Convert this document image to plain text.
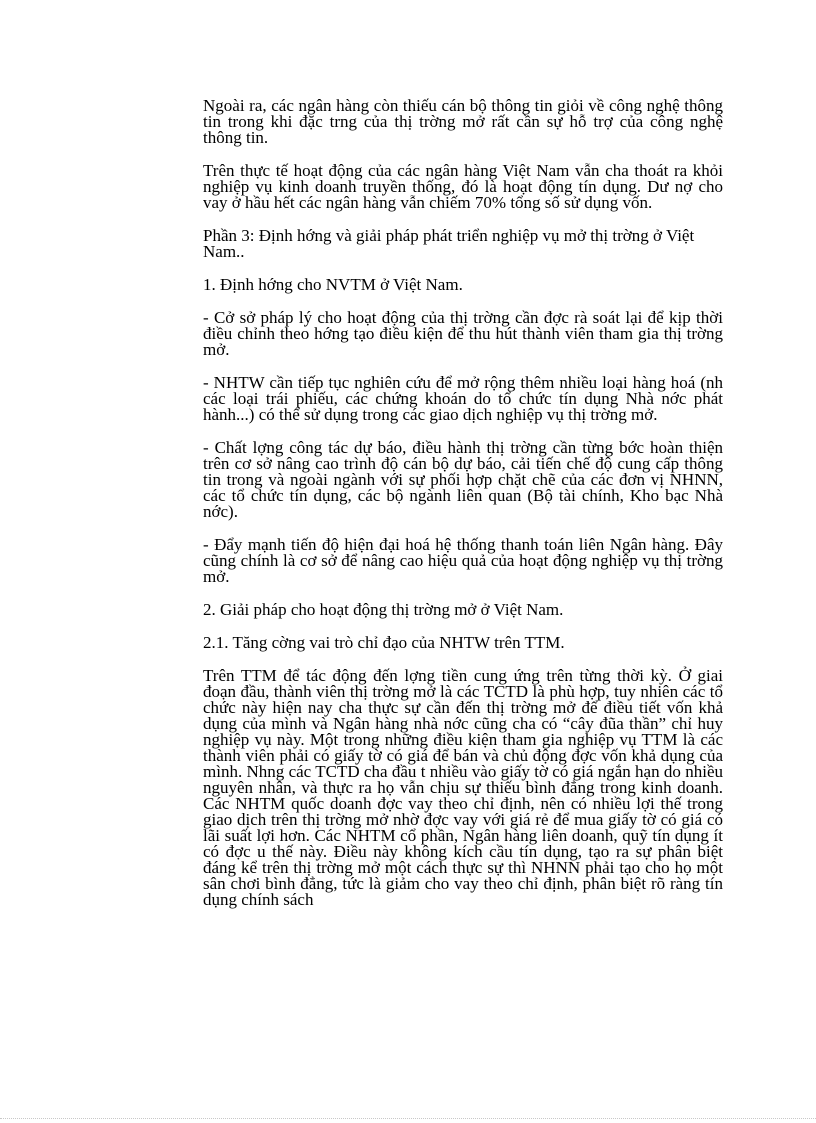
Ngoài ra, các ngân hàng còn thiếu cán bộ thông tin giỏi về công nghệ thông tin trong khi đặc trng của thị trờng mở rất cần sự hỗ trợ của công nghệ thông tin.

Trên thực tế hoạt động của các ngân hàng Việt Nam vẫn cha thoát ra khỏi nghiệp vụ kinh doanh truyền thống, đó là hoạt động tín dụng. Dư nợ cho vay ở hầu hết các ngân hàng vẫn chiếm 70% tổng số sử dụng vốn.

Phần 3: Định hớng và giải pháp phát triển nghiệp vụ mở thị trờng ở Việt Nam..

1. Định hớng cho NVTM ở Việt Nam.

- Cở sở pháp lý cho hoạt động của thị trờng cần đợc rà soát lại để kịp thời điều chỉnh theo hớng tạo điều kiện để thu hút thành viên tham gia thị trờng mở.

- NHTW cần tiếp tục nghiên cứu để mở rộng thêm nhiều loại hàng hoá (nh các loại trái phiếu, các chứng khoán do tổ chức tín dụng Nhà nớc phát hành...) có thể sử dụng trong các giao dịch nghiệp vụ thị trờng mở.

- Chất lợng công tác dự báo, điều hành thị trờng cần từng bớc hoàn thiện trên cơ sở nâng cao trình độ cán bộ dự báo, cải tiến chế độ cung cấp thông tin trong và ngoài ngành với sự phối hợp chặt chẽ của các đơn vị NHNN, các tổ chức tín dụng, các bộ ngành liên quan (Bộ tài chính, Kho bạc Nhà nớc).

- Đẩy mạnh tiến độ hiện đại hoá hệ thống thanh toán liên Ngân hàng. Đây cũng chính là cơ sở để nâng cao hiệu quả của hoạt động nghiệp vụ thị trờng mở.

2. Giải pháp cho hoạt động thị trờng mở ở Việt Nam.

2.1. Tăng cờng vai trò chỉ đạo của NHTW trên TTM.

Trên TTM để tác động đến lợng tiền cung ứng trên từng thời kỳ. Ở giai đoạn đầu, thành viên thị trờng mở là các TCTD là phù hợp, tuy nhiên các tổ chức này hiện nay cha thực sự cần đến thị trờng mở để điều tiết vốn khả dụng của mình và Ngân hàng nhà nớc cũng cha có “cây đũa thần” chỉ huy nghiệp vụ này. Một trong những điều kiện tham gia nghiệp vụ TTM là các thành viên phải có giấy tờ có giá để bán và chủ động đợc vốn khả dụng của mình. Nhng các TCTD cha đầu t nhiều vào giấy tờ có giá ngắn hạn do nhiều nguyên nhân, và thực ra họ vẫn chịu sự thiếu bình đẳng trong kinh doanh. Các NHTM quốc doanh đợc vay theo chỉ định, nên có nhiều lợi thế trong giao dịch trên thị trờng mở nhờ đợc vay với giá rẻ để mua giấy tờ có giá có lãi suất lợi hơn. Các NHTM cổ phần, Ngân hàng liên doanh, quỹ tín dụng ít có đợc u thế này. Điều này không kích cầu tín dụng, tạo ra sự phân biệt đáng kể trên thị trờng mở một cách thực sự thì NHNN phải tạo cho họ một sân chơi bình đẳng, tức là giảm cho vay theo chỉ định, phân biệt rõ ràng tín dụng chính sách
